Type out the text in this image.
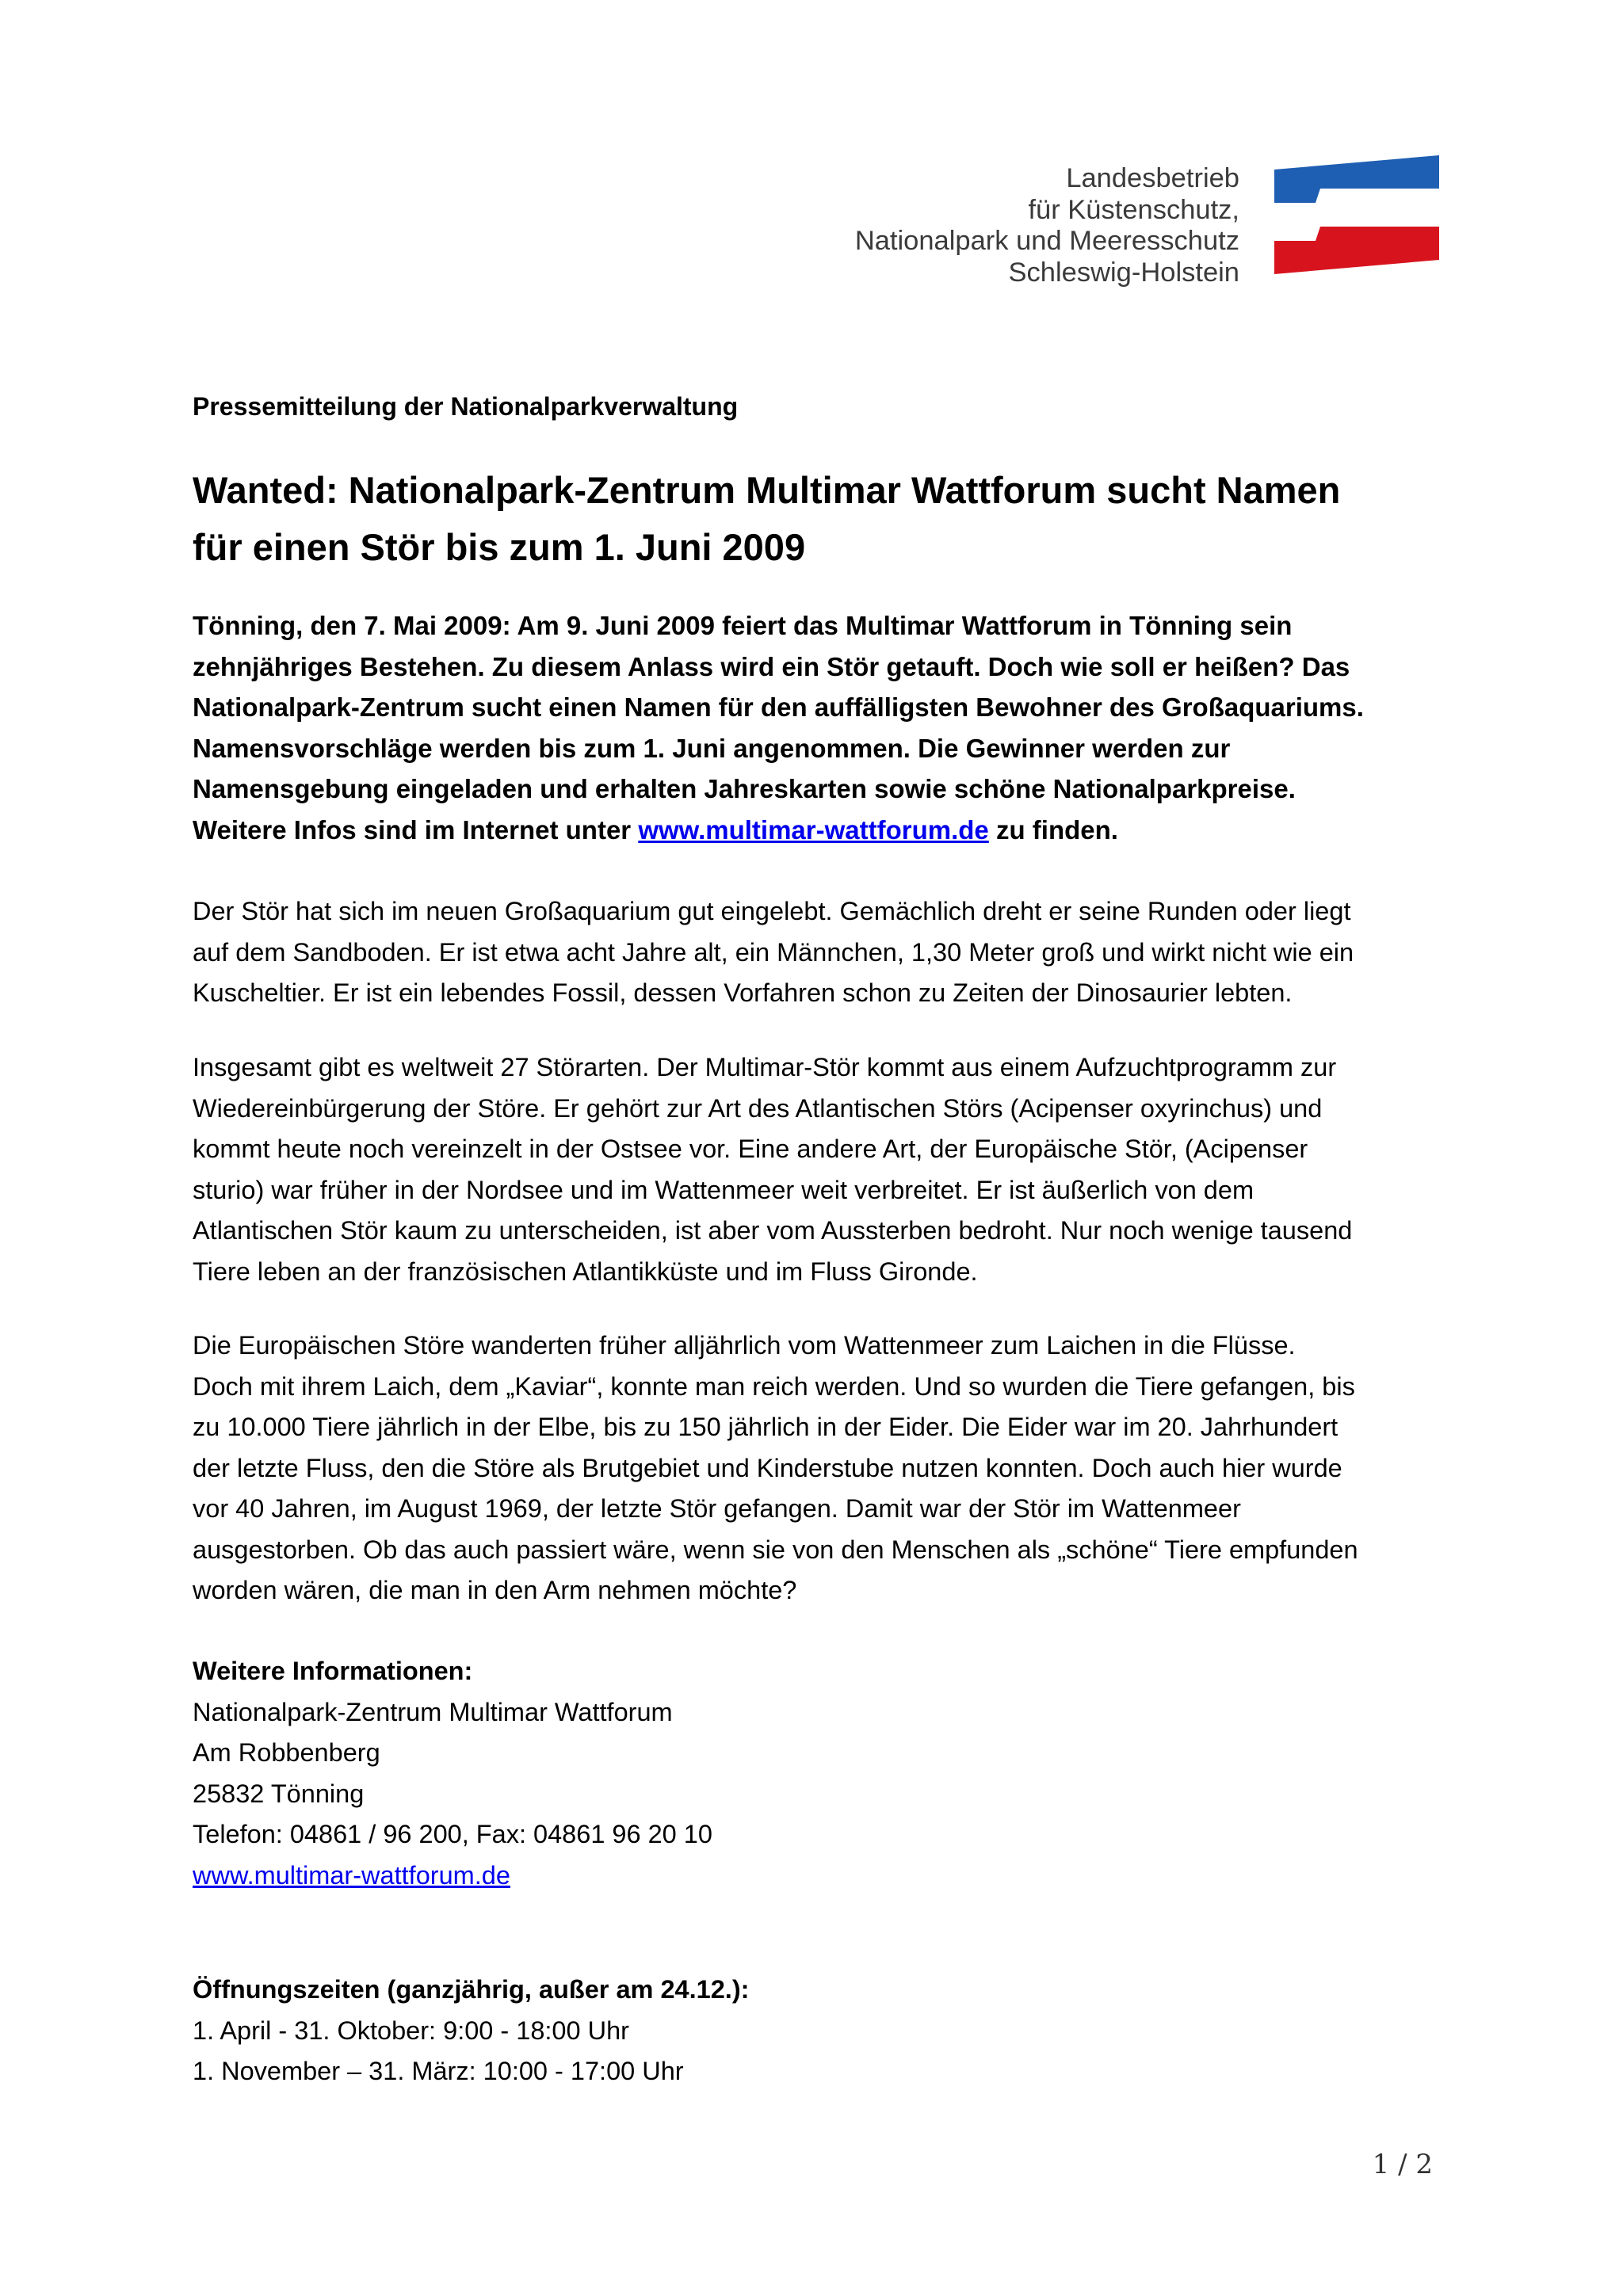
Landesbetrieb
für Küstenschutz,
Nationalpark und Meeresschutz
Schleswig-Holstein
Pressemitteilung der Nationalparkverwaltung
Wanted: Nationalpark-Zentrum Multimar Wattforum sucht Namen
für einen Stör bis zum 1. Juni 2009
Tönning, den 7. Mai 2009: Am 9. Juni 2009 feiert das Multimar Wattforum in Tönning sein
zehnjähriges Bestehen. Zu diesem Anlass wird ein Stör getauft. Doch wie soll er heißen? Das
Nationalpark-Zentrum sucht einen Namen für den auffälligsten Bewohner des Großaquariums.
Namensvorschläge werden bis zum 1. Juni angenommen. Die Gewinner werden zur
Namensgebung eingeladen und erhalten Jahreskarten sowie schöne Nationalparkpreise.
Weitere Infos sind im Internet unter www.multimar-wattforum.de zu finden.
Der Stör hat sich im neuen Großaquarium gut eingelebt. Gemächlich dreht er seine Runden oder liegt
auf dem Sandboden. Er ist etwa acht Jahre alt, ein Männchen, 1,30 Meter groß und wirkt nicht wie ein
Kuscheltier. Er ist ein lebendes Fossil, dessen Vorfahren schon zu Zeiten der Dinosaurier lebten.
Insgesamt gibt es weltweit 27 Störarten. Der Multimar-Stör kommt aus einem Aufzuchtprogramm zur
Wiedereinbürgerung der Störe. Er gehört zur Art des Atlantischen Störs (Acipenser oxyrinchus) und
kommt heute noch vereinzelt in der Ostsee vor. Eine andere Art, der Europäische Stör, (Acipenser
sturio) war früher in der Nordsee und im Wattenmeer weit verbreitet. Er ist äußerlich von dem
Atlantischen Stör kaum zu unterscheiden, ist aber vom Aussterben bedroht. Nur noch wenige tausend
Tiere leben an der französischen Atlantikküste und im Fluss Gironde.
Die Europäischen Störe wanderten früher alljährlich vom Wattenmeer zum Laichen in die Flüsse.
Doch mit ihrem Laich, dem „Kaviar“, konnte man reich werden. Und so wurden die Tiere gefangen, bis
zu 10.000 Tiere jährlich in der Elbe, bis zu 150 jährlich in der Eider. Die Eider war im 20. Jahrhundert
der letzte Fluss, den die Störe als Brutgebiet und Kinderstube nutzen konnten. Doch auch hier wurde
vor 40 Jahren, im August 1969, der letzte Stör gefangen. Damit war der Stör im Wattenmeer
ausgestorben. Ob das auch passiert wäre, wenn sie von den Menschen als „schöne“ Tiere empfunden
worden wären, die man in den Arm nehmen möchte?
Weitere Informationen:
Nationalpark-Zentrum Multimar Wattforum
Am Robbenberg
25832 Tönning
Telefon: 04861 / 96 200, Fax: 04861 96 20 10
www.multimar-wattforum.de
Öffnungszeiten (ganzjährig, außer am 24.12.):
1. April - 31. Oktober: 9:00 - 18:00 Uhr
1. November – 31. März: 10:00 - 17:00 Uhr
1 / 2
